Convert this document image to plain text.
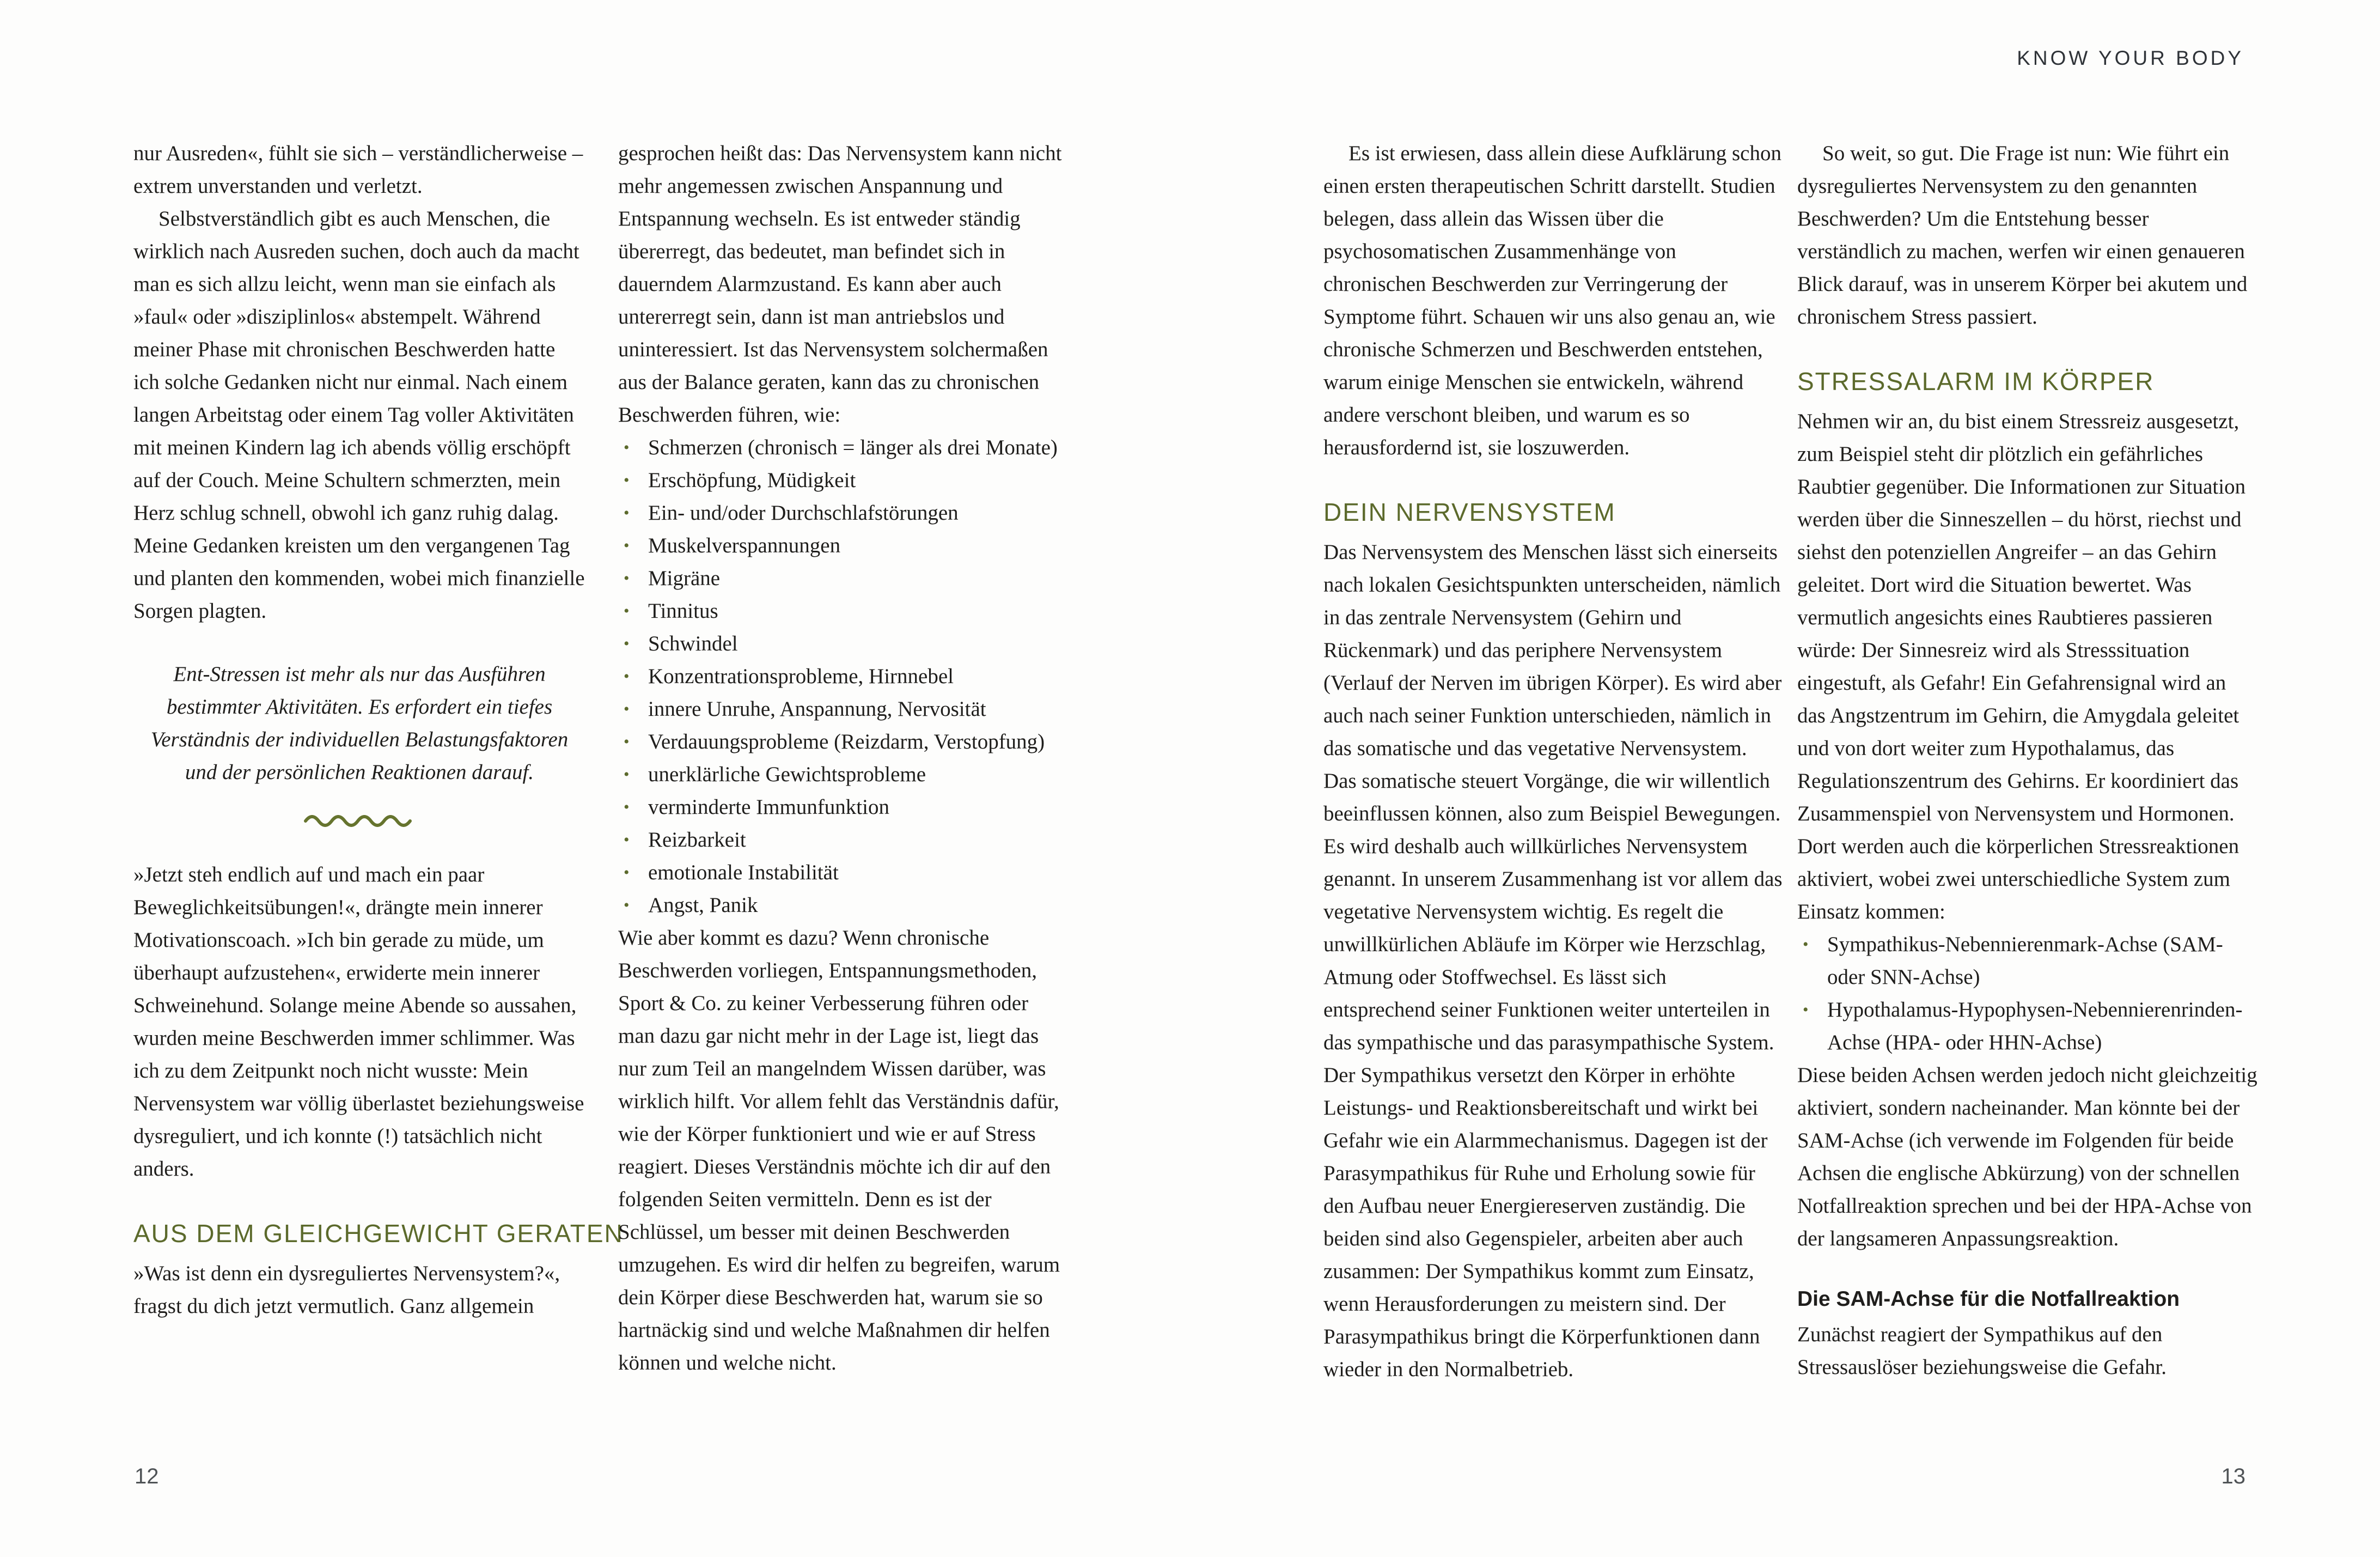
KNOW YOUR BODY

nur Ausreden«, fühlt sie sich – verständlicherweise – extrem unverstanden und verletzt.

Selbstverständlich gibt es auch Menschen, die wirklich nach Ausreden suchen, doch auch da macht man es sich allzu leicht, wenn man sie einfach als »faul« oder »disziplinlos« abstempelt. Während meiner Phase mit chronischen Beschwerden hatte ich solche Gedanken nicht nur einmal. Nach einem langen Arbeitstag oder einem Tag voller Aktivitäten mit meinen Kindern lag ich abends völlig erschöpft auf der Couch. Meine Schultern schmerzten, mein Herz schlug schnell, obwohl ich ganz ruhig dalag. Meine Gedanken kreisten um den vergangenen Tag und planten den kommenden, wobei mich finanzielle Sorgen plagten.

Ent-Stressen ist mehr als nur das Ausführen bestimmter Aktivitäten. Es erfordert ein tiefes Verständnis der individuellen Belastungsfaktoren und der persönlichen Reaktionen darauf.

»Jetzt steh endlich auf und mach ein paar Beweglichkeitsübungen!«, drängte mein innerer Motivationscoach. »Ich bin gerade zu müde, um überhaupt aufzustehen«, erwiderte mein innerer Schweinehund. Solange meine Abende so aussahen, wurden meine Beschwerden immer schlimmer. Was ich zu dem Zeitpunkt noch nicht wusste: Mein Nervensystem war völlig überlastet beziehungsweise dysreguliert, und ich konnte (!) tatsächlich nicht anders.

AUS DEM GLEICHGEWICHT GERATEN

»Was ist denn ein dysreguliertes Nervensystem?«, fragst du dich jetzt vermutlich. Ganz allgemein

gesprochen heißt das: Das Nervensystem kann nicht mehr angemessen zwischen Anspannung und Entspannung wechseln. Es ist entweder ständig übererregt, das bedeutet, man befindet sich in dauerndem Alarmzustand. Es kann aber auch untererregt sein, dann ist man antriebslos und uninteressiert. Ist das Nervensystem solchermaßen aus der Balance geraten, kann das zu chronischen Beschwerden führen, wie:

• Schmerzen (chronisch = länger als drei Monate)
• Erschöpfung, Müdigkeit
• Ein- und/oder Durchschlafstörungen
• Muskelverspannungen
• Migräne
• Tinnitus
• Schwindel
• Konzentrationsprobleme, Hirnnebel
• innere Unruhe, Anspannung, Nervosität
• Verdauungsprobleme (Reizdarm, Verstopfung)
• unerklärliche Gewichtsprobleme
• verminderte Immunfunktion
• Reizbarkeit
• emotionale Instabilität
• Angst, Panik

Wie aber kommt es dazu? Wenn chronische Beschwerden vorliegen, Entspannungsmethoden, Sport & Co. zu keiner Verbesserung führen oder man dazu gar nicht mehr in der Lage ist, liegt das nur zum Teil an mangelndem Wissen darüber, was wirklich hilft. Vor allem fehlt das Verständnis dafür, wie der Körper funktioniert und wie er auf Stress reagiert. Dieses Verständnis möchte ich dir auf den folgenden Seiten vermitteln. Denn es ist der Schlüssel, um besser mit deinen Beschwerden umzugehen. Es wird dir helfen zu begreifen, warum dein Körper diese Beschwerden hat, warum sie so hartnäckig sind und welche Maßnahmen dir helfen können und welche nicht.

Es ist erwiesen, dass allein diese Aufklärung schon einen ersten therapeutischen Schritt darstellt. Studien belegen, dass allein das Wissen über die psychosomatischen Zusammenhänge von chronischen Beschwerden zur Verringerung der Symptome führt. Schauen wir uns also genau an, wie chronische Schmerzen und Beschwerden entstehen, warum einige Menschen sie entwickeln, während andere verschont bleiben, und warum es so herausfordernd ist, sie loszuwerden.

DEIN NERVENSYSTEM

Das Nervensystem des Menschen lässt sich einerseits nach lokalen Gesichtspunkten unterscheiden, nämlich in das zentrale Nervensystem (Gehirn und Rückenmark) und das periphere Nervensystem (Verlauf der Nerven im übrigen Körper). Es wird aber auch nach seiner Funktion unterschieden, nämlich in das somatische und das vegetative Nervensystem. Das somatische steuert Vorgänge, die wir willentlich beeinflussen können, also zum Beispiel Bewegungen. Es wird deshalb auch willkürliches Nervensystem genannt. In unserem Zusammenhang ist vor allem das vegetative Nervensystem wichtig. Es regelt die unwillkürlichen Abläufe im Körper wie Herzschlag, Atmung oder Stoffwechsel. Es lässt sich entsprechend seiner Funktionen weiter unterteilen in das sympathische und das parasympathische System. Der Sympathikus versetzt den Körper in erhöhte Leistungs- und Reaktionsbereitschaft und wirkt bei Gefahr wie ein Alarmmechanismus. Dagegen ist der Parasympathikus für Ruhe und Erholung sowie für den Aufbau neuer Energiereserven zuständig. Die beiden sind also Gegenspieler, arbeiten aber auch zusammen: Der Sympathikus kommt zum Einsatz, wenn Herausforderungen zu meistern sind. Der Parasympathikus bringt die Körperfunktionen dann wieder in den Normalbetrieb.

So weit, so gut. Die Frage ist nun: Wie führt ein dysreguliertes Nervensystem zu den genannten Beschwerden? Um die Entstehung besser verständlich zu machen, werfen wir einen genaueren Blick darauf, was in unserem Körper bei akutem und chronischem Stress passiert.

STRESSALARM IM KÖRPER

Nehmen wir an, du bist einem Stressreiz ausgesetzt, zum Beispiel steht dir plötzlich ein gefährliches Raubtier gegenüber. Die Informationen zur Situation werden über die Sinneszellen – du hörst, riechst und siehst den potenziellen Angreifer – an das Gehirn geleitet. Dort wird die Situation bewertet. Was vermutlich angesichts eines Raubtieres passieren würde: Der Sinnesreiz wird als Stresssituation eingestuft, als Gefahr! Ein Gefahrensignal wird an das Angstzentrum im Gehirn, die Amygdala geleitet und von dort weiter zum Hypothalamus, das Regulationszentrum des Gehirns. Er koordiniert das Zusammenspiel von Nervensystem und Hormonen. Dort werden auch die körperlichen Stressreaktionen aktiviert, wobei zwei unterschiedliche System zum Einsatz kommen:

• Sympathikus-Nebennierenmark-Achse (SAM- oder SNN-Achse)
• Hypothalamus-Hypophysen-Nebennierenrinden-Achse (HPA- oder HHN-Achse)

Diese beiden Achsen werden jedoch nicht gleichzeitig aktiviert, sondern nacheinander. Man könnte bei der SAM-Achse (ich verwende im Folgenden für beide Achsen die englische Abkürzung) von der schnellen Notfallreaktion sprechen und bei der HPA-Achse von der langsameren Anpassungsreaktion.

Die SAM-Achse für die Notfallreaktion

Zunächst reagiert der Sympathikus auf den Stressauslöser beziehungsweise die Gefahr.

12	13
